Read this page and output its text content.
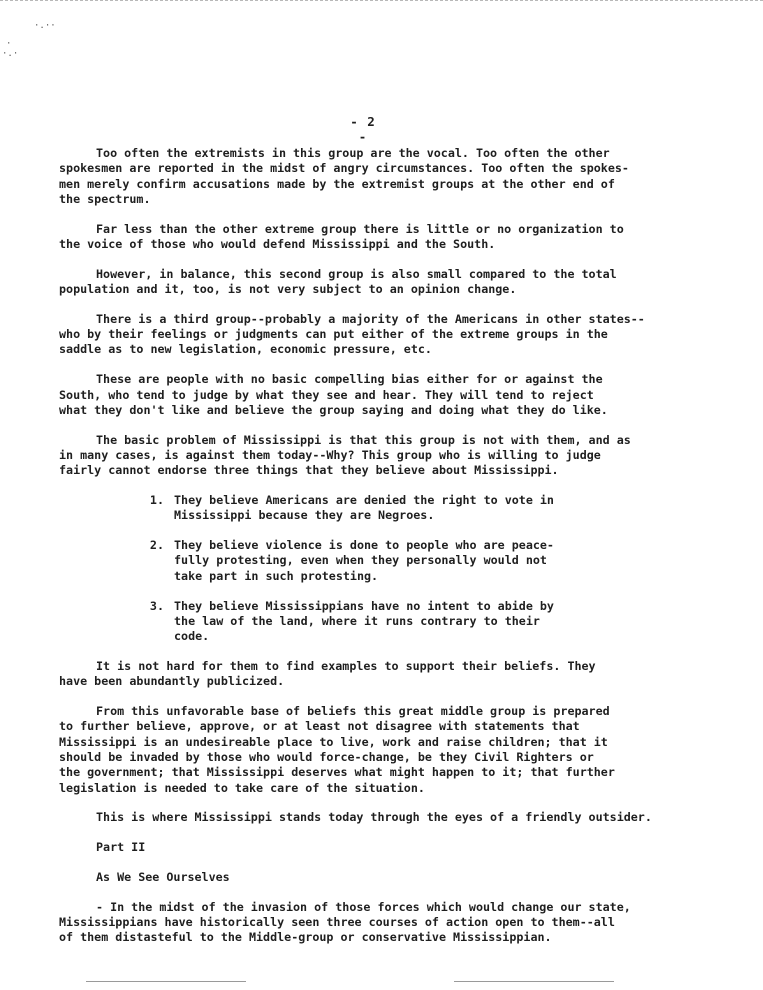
·.··
·
·.·
- 2 -

Too often the extremists in this group are the vocal. Too often the other
spokesmen are reported in the midst of angry circumstances. Too often the spokes-
men merely confirm accusations made by the extremist groups at the other end of
the spectrum.

Far less than the other extreme group there is little or no organization to
the voice of those who would defend Mississippi and the South.

However, in balance, this second group is also small compared to the total
population and it, too, is not very subject to an opinion change.

There is a third group--probably a majority of the Americans in other states--
who by their feelings or judgments can put either of the extreme groups in the
saddle as to new legislation, economic pressure, etc.

These are people with no basic compelling bias either for or against the
South, who tend to judge by what they see and hear. They will tend to reject
what they don't like and believe the group saying and doing what they do like.

The basic problem of Mississippi is that this group is not with them, and as
in many cases, is against them today--Why? This group who is willing to judge
fairly cannot endorse three things that they believe about Mississippi.

1. They believe Americans are denied the right to vote in
Mississippi because they are Negroes.
2. They believe violence is done to people who are peace-
fully protesting, even when they personally would not
take part in such protesting.
3. They believe Mississippians have no intent to abide by
the law of the land, where it runs contrary to their
code.

It is not hard for them to find examples to support their beliefs. They
have been abundantly publicized.

From this unfavorable base of beliefs this great middle group is prepared
to further believe, approve, or at least not disagree with statements that
Mississippi is an undesireable place to live, work and raise children; that it
should be invaded by those who would force-change, be they Civil Righters or
the government; that Mississippi deserves what might happen to it; that further
legislation is needed to take care of the situation.

This is where Mississippi stands today through the eyes of a friendly outsider.

Part II

As We See Ourselves

- In the midst of the invasion of those forces which would change our state,
Mississippians have historically seen three courses of action open to them--all
of them distasteful to the Middle-group or conservative Mississippian.
